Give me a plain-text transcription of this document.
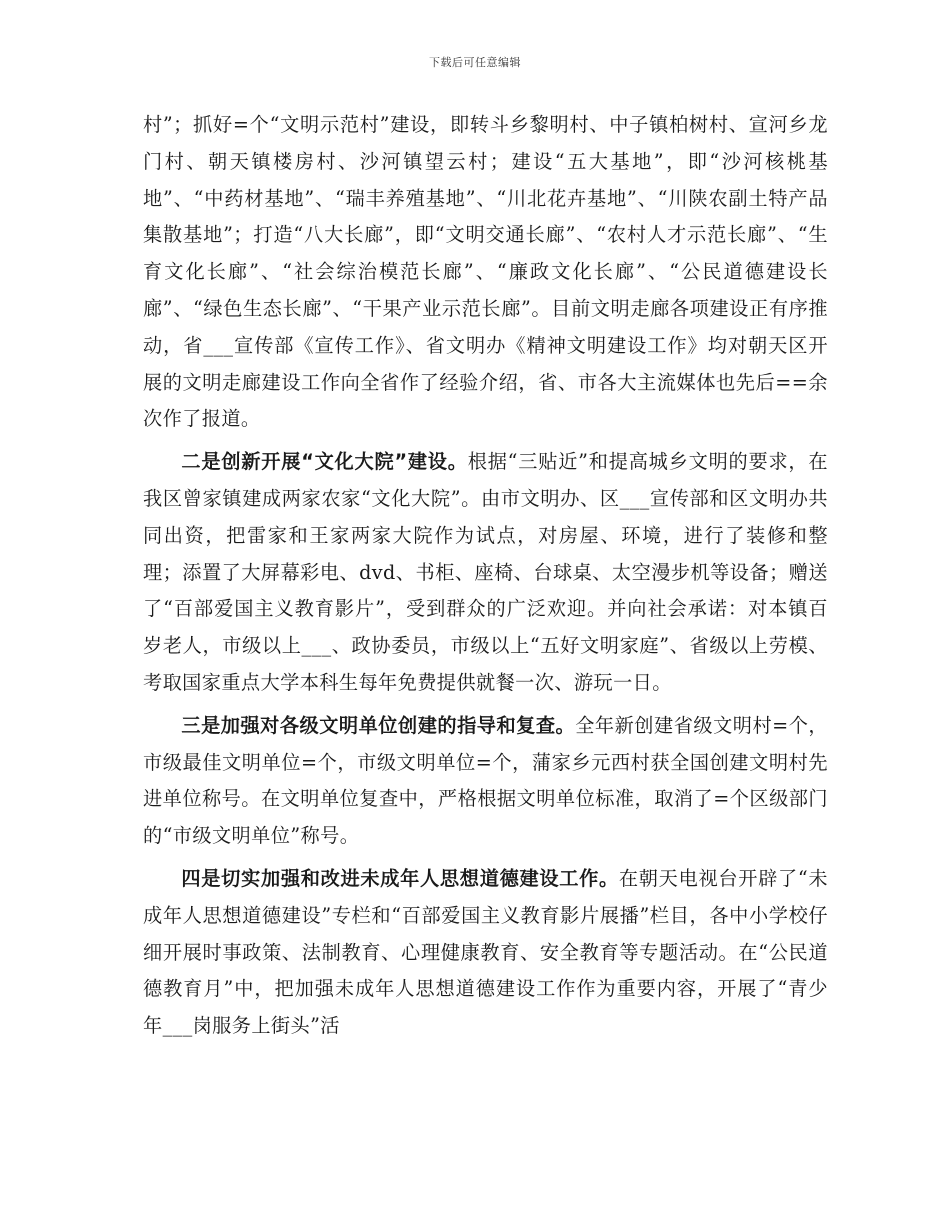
下载后可任意编辑

村”；抓好=个“文明示范村”建设，即转斗乡黎明村、中子镇柏树村、宣河乡龙门村、朝天镇楼房村、沙河镇望云村；建设“五大基地”，即“沙河核桃基地”、“中药材基地”、“瑞丰养殖基地”、“川北花卉基地”、“川陕农副土特产品集散基地”；打造“八大长廊”，即“文明交通长廊”、“农村人才示范长廊”、“生育文化长廊”、“社会综治模范长廊”、“廉政文化长廊”、“公民道德建设长廊”、“绿色生态长廊”、“干果产业示范长廊”。目前文明走廊各项建设正有序推动，省___宣传部《宣传工作》、省文明办《精神文明建设工作》均对朝天区开展的文明走廊建设工作向全省作了经验介绍，省、市各大主流媒体也先后==余次作了报道。

二是创新开展“文化大院”建设。根据“三贴近”和提高城乡文明的要求，在我区曾家镇建成两家农家“文化大院”。由市文明办、区___宣传部和区文明办共同出资，把雷家和王家两家大院作为试点，对房屋、环境，进行了装修和整理；添置了大屏幕彩电、dvd、书柜、座椅、台球桌、太空漫步机等设备；赠送了“百部爱国主义教育影片”，受到群众的广泛欢迎。并向社会承诺：对本镇百岁老人，市级以上___、政协委员，市级以上“五好文明家庭”、省级以上劳模、考取国家重点大学本科生每年免费提供就餐一次、游玩一日。

三是加强对各级文明单位创建的指导和复查。全年新创建省级文明村=个，市级最佳文明单位=个，市级文明单位=个，蒲家乡元西村获全国创建文明村先进单位称号。在文明单位复查中，严格根据文明单位标准，取消了=个区级部门的“市级文明单位”称号。

四是切实加强和改进未成年人思想道德建设工作。在朝天电视台开辟了“未成年人思想道德建设”专栏和“百部爱国主义教育影片展播”栏目，各中小学校仔细开展时事政策、法制教育、心理健康教育、安全教育等专题活动。在“公民道德教育月”中，把加强未成年人思想道德建设工作作为重要内容，开展了“青少年___岗服务上街头”活
